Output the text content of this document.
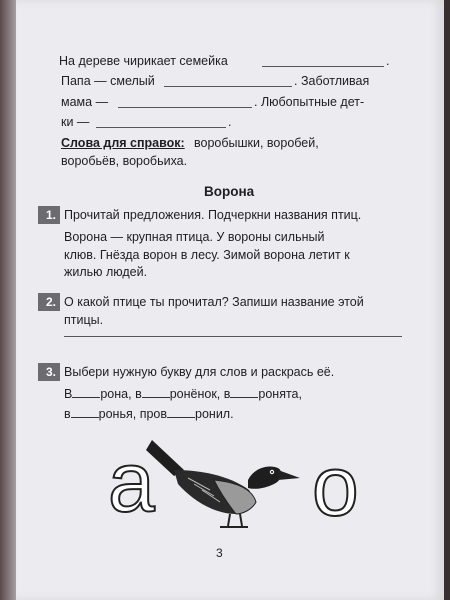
На дереве чирикает семейка	.
Папа — смелый	. Заботливая
мама —	. Любопытные дет-
ки —	.
Слова для справок: воробышки, воробей,
воробьёв, воробьиха.
Ворона
1. Прочитай предложения. Подчеркни названия птиц.
Ворона — крупная птица. У вороны сильный
клюв. Гнёзда ворон в лесу. Зимой ворона летит к
жилью людей.
2. О какой птице ты прочитал? Запиши название этой
птицы.
3. Выбери нужную букву для слов и раскрась её.
В рона, в ронёнок, в ронята,
в ронья, пров ронил.
а о
3
